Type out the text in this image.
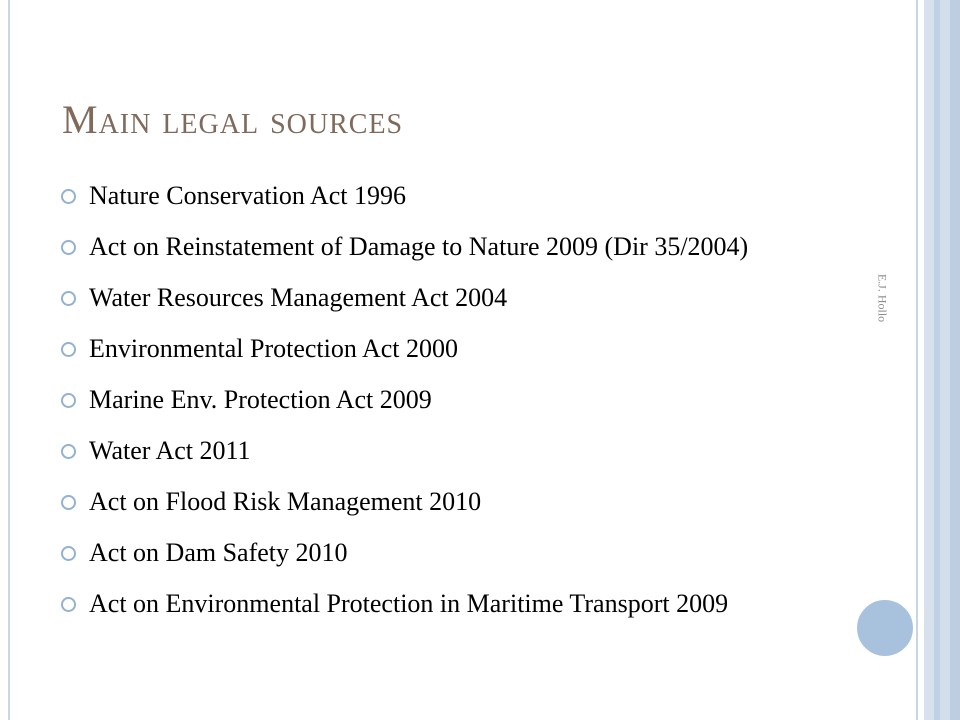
Main legal sources
E.J. Hollo
Nature Conservation Act 1996
Act on Reinstatement of Damage to Nature 2009 (Dir 35/2004)
Water Resources Management Act 2004
Environmental Protection Act 2000
Marine Env. Protection Act 2009
Water Act 2011
Act on Flood Risk Management 2010
Act on Dam Safety 2010
Act on Environmental Protection in Maritime Transport 2009
